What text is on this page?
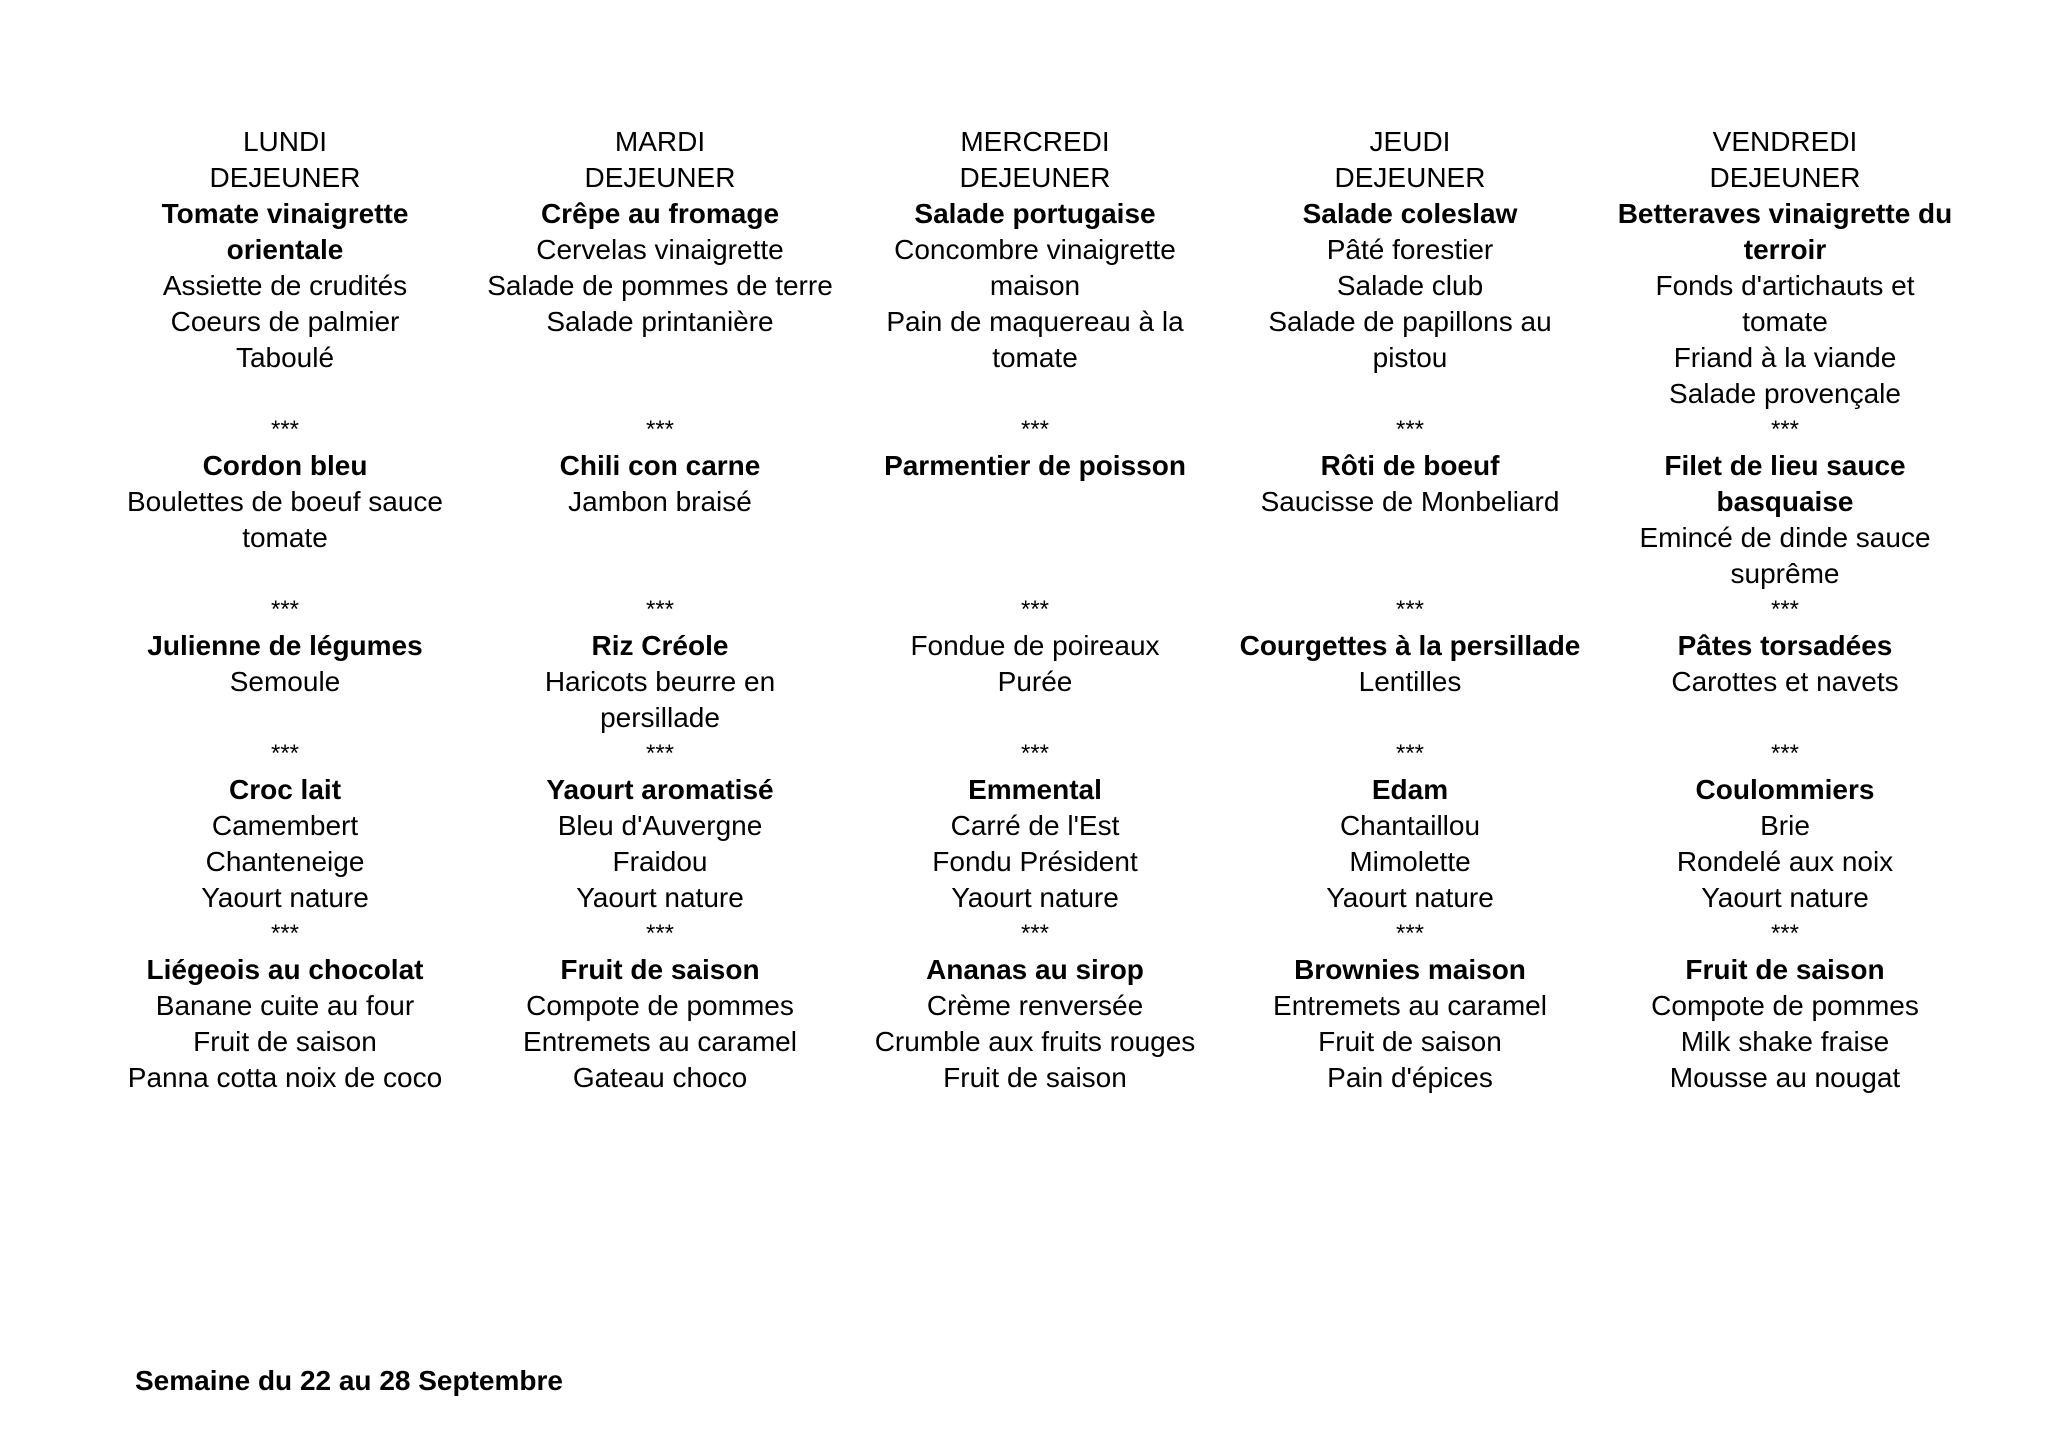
LUNDI
DEJEUNER
Tomate vinaigrette
orientale
Assiette de crudités
Coeurs de palmier
Taboulé
***
Cordon bleu
Boulettes de boeuf sauce
tomate
***
Julienne de légumes
Semoule
***
Croc lait
Camembert
Chanteneige
Yaourt nature
***
Liégeois au chocolat
Banane cuite au four
Fruit de saison
Panna cotta noix de coco
MARDI
DEJEUNER
Crêpe au fromage
Cervelas vinaigrette
Salade de pommes de terre
Salade printanière
***
Chili con carne
Jambon braisé
***
Riz Créole
Haricots beurre en
persillade
***
Yaourt aromatisé
Bleu d'Auvergne
Fraidou
Yaourt nature
***
Fruit de saison
Compote de pommes
Entremets au caramel
Gateau choco
MERCREDI
DEJEUNER
Salade portugaise
Concombre vinaigrette
maison
Pain de maquereau à la
tomate
***
Parmentier de poisson
***
Fondue de poireaux
Purée
***
Emmental
Carré de l'Est
Fondu Président
Yaourt nature
***
Ananas au sirop
Crème renversée
Crumble aux fruits rouges
Fruit de saison
JEUDI
DEJEUNER
Salade coleslaw
Pâté forestier
Salade club
Salade de papillons au
pistou
***
Rôti de boeuf
Saucisse de Monbeliard
***
Courgettes à la persillade
Lentilles
***
Edam
Chantaillou
Mimolette
Yaourt nature
***
Brownies maison
Entremets au caramel
Fruit de saison
Pain d'épices
VENDREDI
DEJEUNER
Betteraves vinaigrette du
terroir
Fonds d'artichauts et
tomate
Friand à la viande
Salade provençale
***
Filet de lieu sauce
basquaise
Emincé de dinde sauce
suprême
***
Pâtes torsadées
Carottes et navets
***
Coulommiers
Brie
Rondelé aux noix
Yaourt nature
***
Fruit de saison
Compote de pommes
Milk shake fraise
Mousse au nougat
Semaine du 22 au 28 Septembre
